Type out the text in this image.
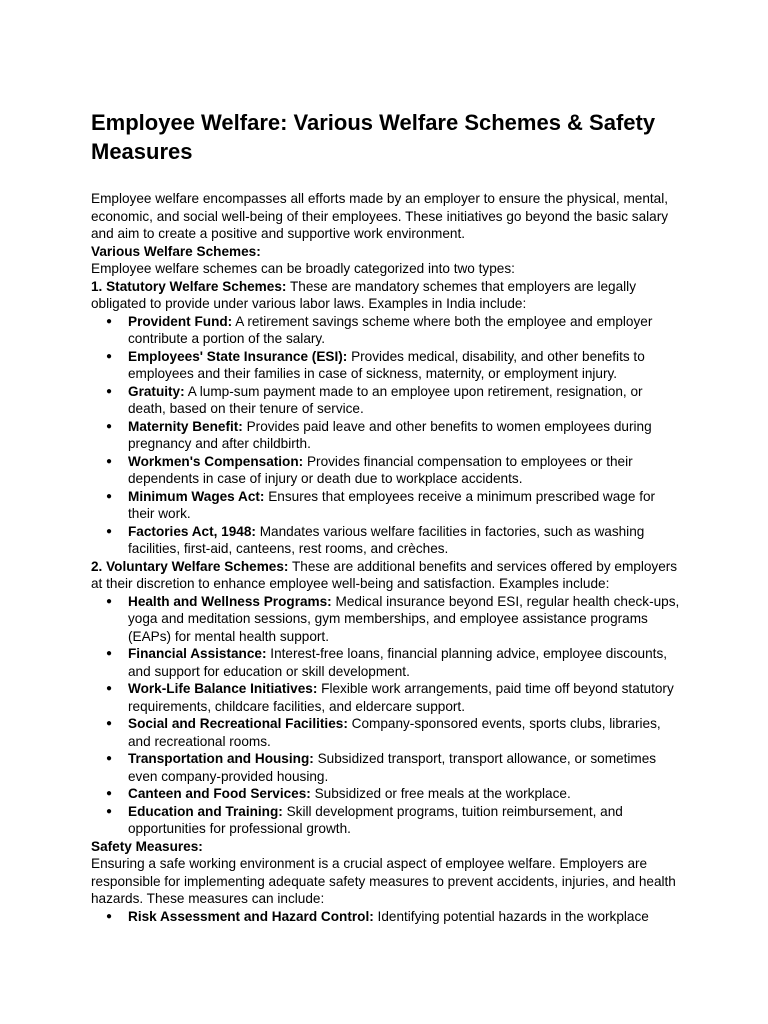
Employee Welfare: Various Welfare Schemes & Safety Measures

Employee welfare encompasses all efforts made by an employer to ensure the physical, mental, economic, and social well-being of their employees. These initiatives go beyond the basic salary and aim to create a positive and supportive work environment.

Various Welfare Schemes:

Employee welfare schemes can be broadly categorized into two types:

1. Statutory Welfare Schemes: These are mandatory schemes that employers are legally obligated to provide under various labor laws. Examples in India include:

● Provident Fund: A retirement savings scheme where both the employee and employer contribute a portion of the salary.
● Employees' State Insurance (ESI): Provides medical, disability, and other benefits to employees and their families in case of sickness, maternity, or employment injury.
● Gratuity: A lump-sum payment made to an employee upon retirement, resignation, or death, based on their tenure of service.
● Maternity Benefit: Provides paid leave and other benefits to women employees during pregnancy and after childbirth.
● Workmen's Compensation: Provides financial compensation to employees or their dependents in case of injury or death due to workplace accidents.
● Minimum Wages Act: Ensures that employees receive a minimum prescribed wage for their work.
● Factories Act, 1948: Mandates various welfare facilities in factories, such as washing facilities, first-aid, canteens, rest rooms, and crèches.

2. Voluntary Welfare Schemes: These are additional benefits and services offered by employers at their discretion to enhance employee well-being and satisfaction. Examples include:

● Health and Wellness Programs: Medical insurance beyond ESI, regular health check-ups, yoga and meditation sessions, gym memberships, and employee assistance programs (EAPs) for mental health support.
● Financial Assistance: Interest-free loans, financial planning advice, employee discounts, and support for education or skill development.
● Work-Life Balance Initiatives: Flexible work arrangements, paid time off beyond statutory requirements, childcare facilities, and eldercare support.
● Social and Recreational Facilities: Company-sponsored events, sports clubs, libraries, and recreational rooms.
● Transportation and Housing: Subsidized transport, transport allowance, or sometimes even company-provided housing.
● Canteen and Food Services: Subsidized or free meals at the workplace.
● Education and Training: Skill development programs, tuition reimbursement, and opportunities for professional growth.

Safety Measures:

Ensuring a safe working environment is a crucial aspect of employee welfare. Employers are responsible for implementing adequate safety measures to prevent accidents, injuries, and health hazards. These measures can include:

● Risk Assessment and Hazard Control: Identifying potential hazards in the workplace
